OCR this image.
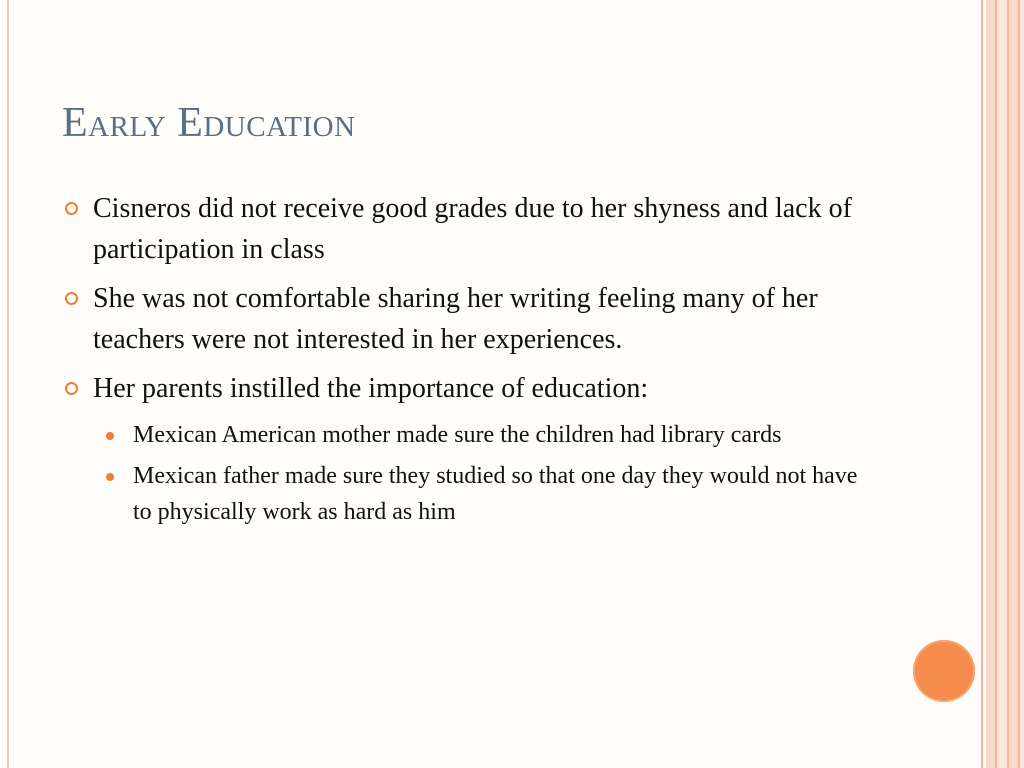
Early Education
Cisneros did not receive good grades due to her shyness and lack of participation in class
She was not comfortable sharing her writing feeling many of her teachers were not interested in her experiences.
Her parents instilled the importance of education:
Mexican American mother made sure the children had library cards
Mexican father made sure they studied so that one day they would not have to physically work as hard as him
